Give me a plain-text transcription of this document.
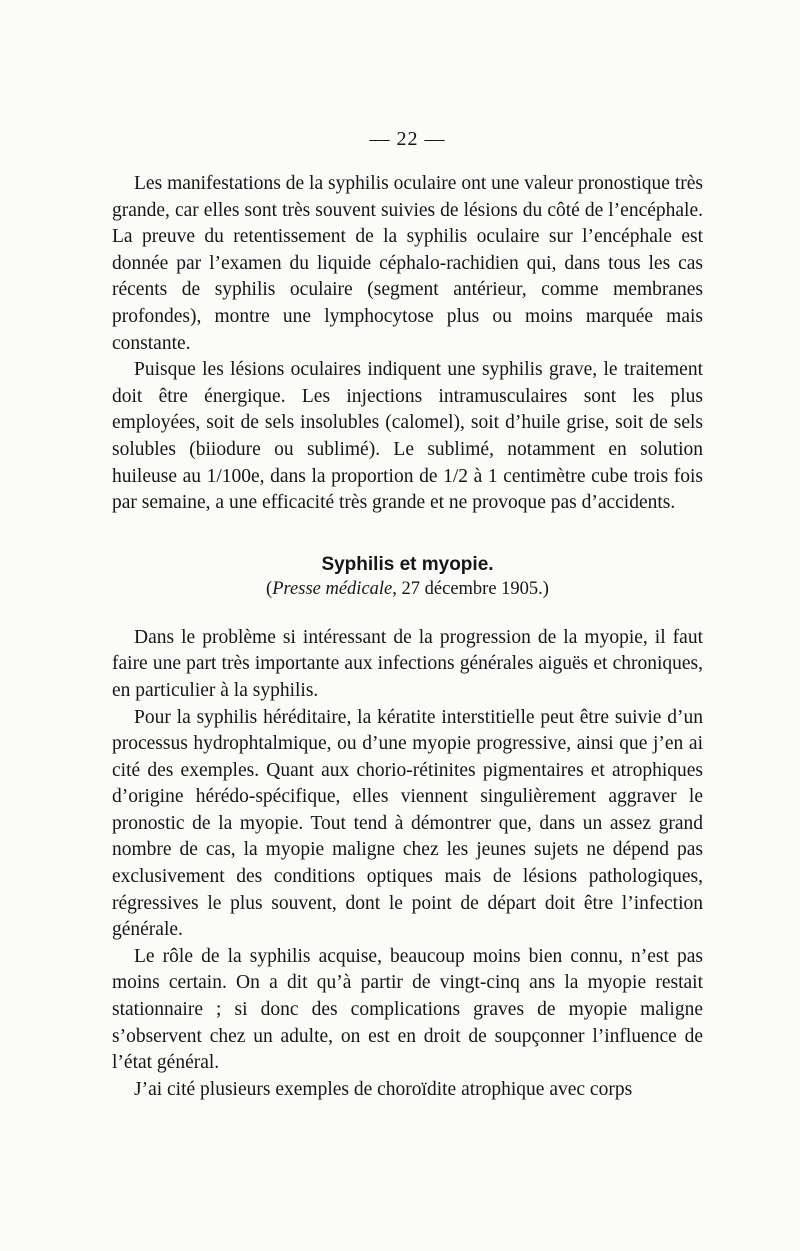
— 22 —

Les manifestations de la syphilis oculaire ont une valeur pronostique très grande, car elles sont très souvent suivies de lésions du côté de l’encéphale. La preuve du retentissement de la syphilis oculaire sur l’encéphale est donnée par l’examen du liquide céphalo-rachidien qui, dans tous les cas récents de syphilis oculaire (segment antérieur, comme membranes profondes), montre une lymphocytose plus ou moins marquée mais constante.

Puisque les lésions oculaires indiquent une syphilis grave, le traitement doit être énergique. Les injections intramusculaires sont les plus employées, soit de sels insolubles (calomel), soit d’huile grise, soit de sels solubles (biiodure ou sublimé). Le sublimé, notamment en solution huileuse au 1/100e, dans la proportion de 1/2 à 1 centimètre cube trois fois par semaine, a une efficacité très grande et ne provoque pas d’accidents.

Syphilis et myopie.
(Presse médicale, 27 décembre 1905.)

Dans le problème si intéressant de la progression de la myopie, il faut faire une part très importante aux infections générales aiguës et chroniques, en particulier à la syphilis.

Pour la syphilis héréditaire, la kératite interstitielle peut être suivie d’un processus hydrophtalmique, ou d’une myopie progressive, ainsi que j’en ai cité des exemples. Quant aux chorio-rétinites pigmentaires et atrophiques d’origine hérédo-spécifique, elles viennent singulièrement aggraver le pronostic de la myopie. Tout tend à démontrer que, dans un assez grand nombre de cas, la myopie maligne chez les jeunes sujets ne dépend pas exclusivement des conditions optiques mais de lésions pathologiques, régressives le plus souvent, dont le point de départ doit être l’infection générale.

Le rôle de la syphilis acquise, beaucoup moins bien connu, n’est pas moins certain. On a dit qu’à partir de vingt-cinq ans la myopie restait stationnaire ; si donc des complications graves de myopie maligne s’observent chez un adulte, on est en droit de soupçonner l’influence de l’état général.

J’ai cité plusieurs exemples de choroïdite atrophique avec corps
